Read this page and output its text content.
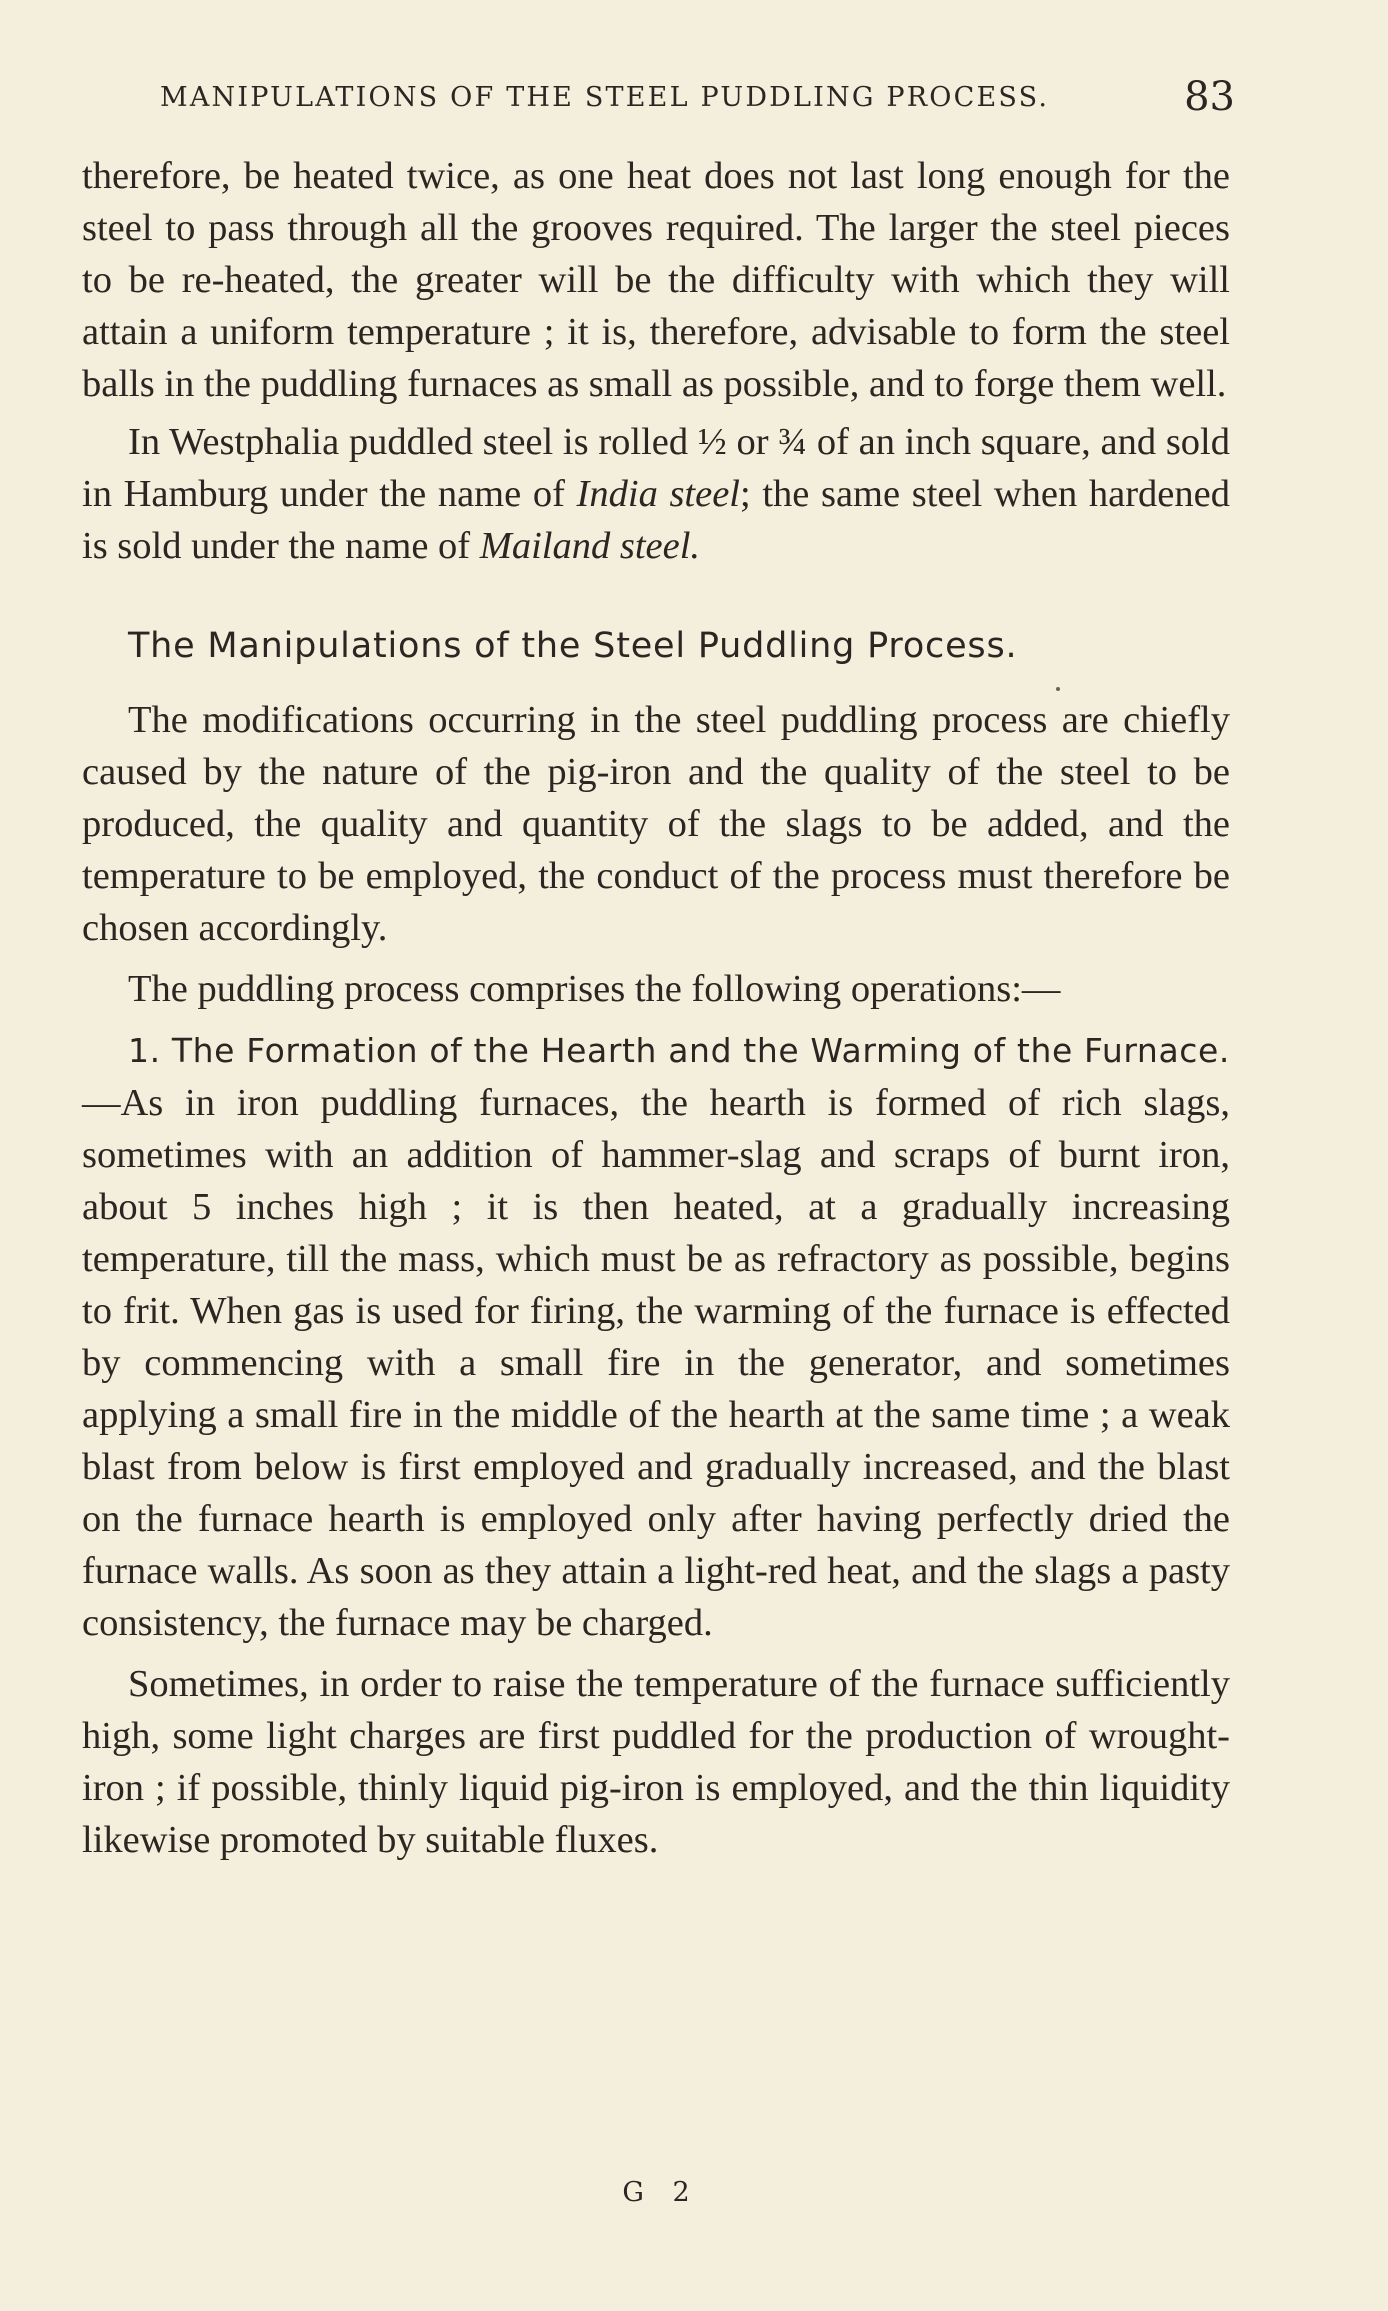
MANIPULATIONS OF THE STEEL PUDDLING PROCESS.	83

therefore, be heated twice, as one heat does not last long enough for the steel to pass through all the grooves required. The larger the steel pieces to be re-heated, the greater will be the difficulty with which they will attain a uniform temperature ; it is, therefore, advisable to form the steel balls in the puddling furnaces as small as possible, and to forge them well.

In Westphalia puddled steel is rolled ½ or ¾ of an inch square, and sold in Hamburg under the name of India steel; the same steel when hardened is sold under the name of Mailand steel.

The Manipulations of the Steel Puddling Process.

The modifications occurring in the steel puddling process are chiefly caused by the nature of the pig-iron and the quality of the steel to be produced, the quality and quantity of the slags to be added, and the temperature to be employed, the conduct of the process must therefore be chosen accordingly.

The puddling process comprises the following operations:—

1. The Formation of the Hearth and the Warming of the Furnace.—As in iron puddling furnaces, the hearth is formed of rich slags, sometimes with an addition of hammer-slag and scraps of burnt iron, about 5 inches high ; it is then heated, at a gradually increasing temperature, till the mass, which must be as refractory as possible, begins to frit. When gas is used for firing, the warming of the furnace is effected by commencing with a small fire in the generator, and sometimes applying a small fire in the middle of the hearth at the same time ; a weak blast from below is first employed and gradually increased, and the blast on the furnace hearth is employed only after having perfectly dried the furnace walls. As soon as they attain a light-red heat, and the slags a pasty consistency, the furnace may be charged.

Sometimes, in order to raise the temperature of the furnace sufficiently high, some light charges are first puddled for the production of wrought-iron ; if possible, thinly liquid pig-iron is employed, and the thin liquidity likewise promoted by suitable fluxes.

G 2
